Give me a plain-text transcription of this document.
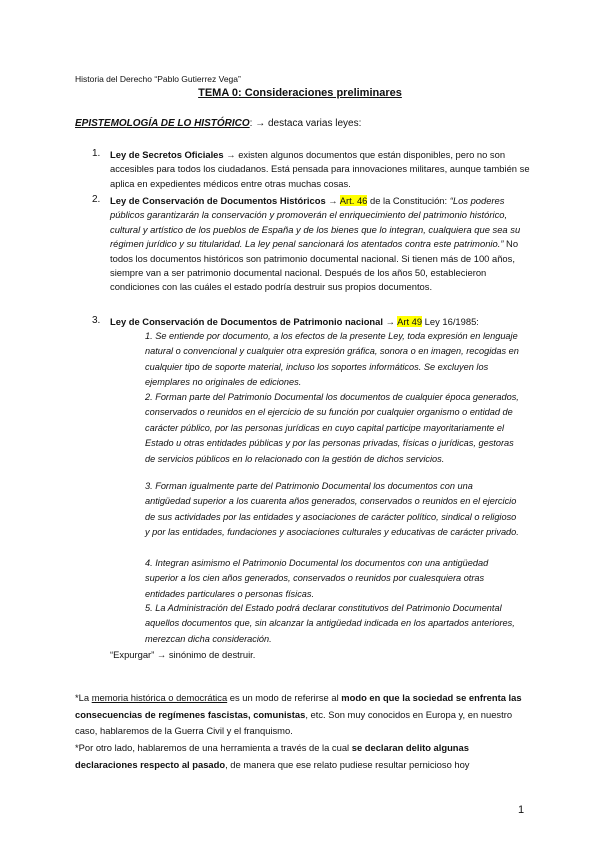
Historia del Derecho “Pablo Gutierrez Vega”
TEMA 0: Consideraciones preliminares
EPISTEMOLOGÍA DE LO HISTÓRICO: → destaca varias leyes:
1. Ley de Secretos Oficiales → existen algunos documentos que están disponibles, pero no son accesibles para todos los ciudadanos. Está pensada para innovaciones militares, aunque también se aplica en expedientes médicos entre otras muchas cosas.
2. Ley de Conservación de Documentos Históricos → Art. 46 de la Constitución: “Los poderes públicos garantizarán la conservación y promoverán el enriquecimiento del patrimonio histórico, cultural y artístico de los pueblos de España y de los bienes que lo integran, cualquiera que sea su régimen jurídico y su titularidad. La ley penal sancionará los atentados contra este patrimonio.” No todos los documentos históricos son patrimonio documental nacional. Si tienen más de 100 años, siempre van a ser patrimonio documental nacional. Después de los años 50, establecieron condiciones con las cuáles el estado podría destruir sus propios documentos.
3. Ley de Conservación de Documentos de Patrimonio nacional → Art 49 Ley 16/1985:
1. Se entiende por documento, a los efectos de la presente Ley, toda expresión en lenguaje natural o convencional y cualquier otra expresión gráfica, sonora o en imagen, recogidas en cualquier tipo de soporte material, incluso los soportes informáticos. Se excluyen los ejemplares no originales de ediciones.
2. Forman parte del Patrimonio Documental los documentos de cualquier época generados, conservados o reunidos en el ejercicio de su función por cualquier organismo o entidad de carácter público, por las personas jurídicas en cuyo capital participe mayoritariamente el Estado u otras entidades públicas y por las personas privadas, físicas o jurídicas, gestoras de servicios públicos en lo relacionado con la gestión de dichos servicios.
3. Forman igualmente parte del Patrimonio Documental los documentos con una antigüedad superior a los cuarenta años generados, conservados o reunidos en el ejercicio de sus actividades por las entidades y asociaciones de carácter político, sindical o religioso y por las entidades, fundaciones y asociaciones culturales y educativas de carácter privado.
4. Integran asimismo el Patrimonio Documental los documentos con una antigüedad superior a los cien años generados, conservados o reunidos por cualesquiera otras entidades particulares o personas físicas.
5. La Administración del Estado podrá declarar constitutivos del Patrimonio Documental aquellos documentos que, sin alcanzar la antigüedad indicada en los apartados anteriores, merezcan dicha consideración.
“Expurgar” → sinónimo de destruir.
*La memoria histórica o democrática es un modo de referirse al modo en que la sociedad se enfrenta las consecuencias de regímenes fascistas, comunistas, etc. Son muy conocidos en Europa y, en nuestro caso, hablaremos de la Guerra Civil y el franquismo.
*Por otro lado, hablaremos de una herramienta a través de la cual se declaran delito algunas declaraciones respecto al pasado, de manera que ese relato pudiese resultar pernicioso hoy
1
